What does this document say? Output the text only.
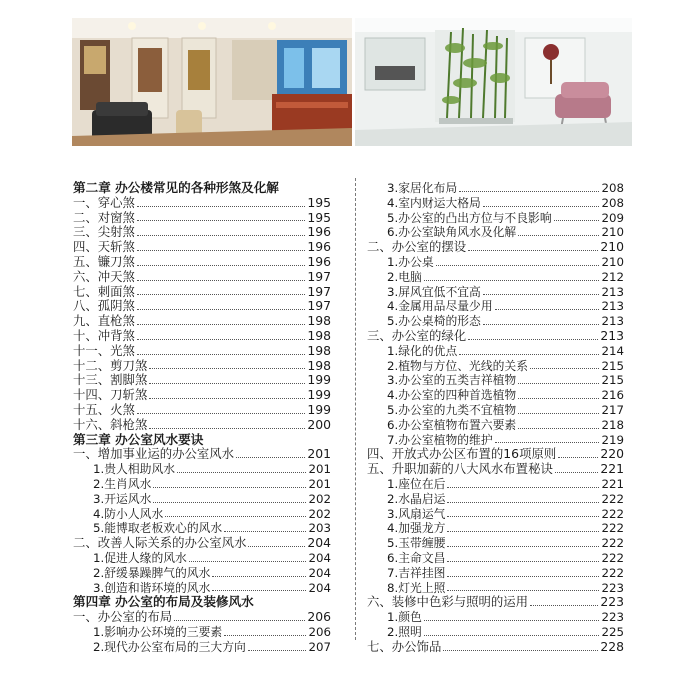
第二章 办公楼常见的各种形煞及化解
一、穿心煞	195
二、对窗煞	195
三、尖射煞	196
四、天斩煞	196
五、镰刀煞	196
六、冲天煞	197
七、刺面煞	197
八、孤阴煞	197
九、直枪煞	198
十、冲背煞	198
十一、光煞	198
十二、剪刀煞	198
十三、割脚煞	199
十四、刀斩煞	199
十五、火煞	199
十六、斜枪煞	200
第三章 办公室风水要诀
一、增加事业运的办公室风水	201
1.贵人相助风水	201
2.生肖风水	201
3.开运风水	202
4.防小人风水	202
5.能博取老板欢心的风水	203
二、改善人际关系的办公室风水	204
1.促进人缘的风水	204
2.舒缓暴躁脾气的风水	204
3.创造和谐环境的风水	204
第四章 办公室的布局及装修风水
一、办公室的布局	206
1.影响办公环境的三要素	206
2.现代办公室布局的三大方向	207
3.家居化布局	208
4.室内财运大格局	208
5.办公室的凸出方位与不良影响	209
6.办公室缺角风水及化解	210
二、办公室的摆设	210
1.办公桌	210
2.电脑	212
3.屏风宜低不宜高	213
4.金属用品尽量少用	213
5.办公桌椅的形态	213
三、办公室的绿化	213
1.绿化的优点	214
2.植物与方位、光线的关系	215
3.办公室的五类吉祥植物	215
4.办公室的四种首选植物	216
5.办公室的九类不宜植物	217
6.办公室植物布置六要素	218
7.办公室植物的维护	219
四、开放式办公区布置的16项原则	220
五、升职加薪的八大风水布置秘诀	221
1.座位在后	221
2.水晶启运	222
3.风扇运气	222
4.加强龙方	222
5.玉带缠腰	222
6.主命文昌	222
7.吉祥挂图	222
8.灯光上照	223
六、装修中色彩与照明的运用	223
1.颜色	223
2.照明	225
七、办公饰品	228
